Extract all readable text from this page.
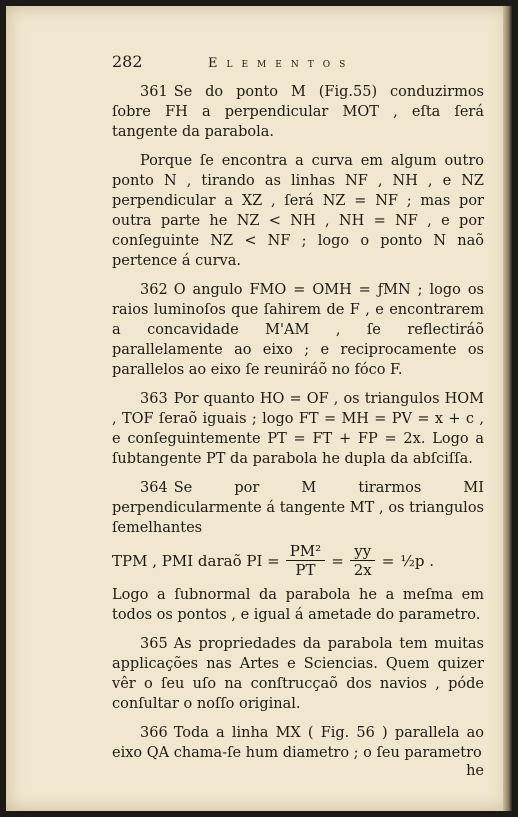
282	Elementos

361 Se do ponto M (Fig.55) conduzirmos ſobre FH a perpendicular MOT , eſta ſerá tangente da parabola.

Porque ſe encontra a curva em algum outro ponto N , tirando as linhas NF , NH , e NZ perpendicular a XZ , ſerá NZ = NF ; mas por outra parte he NZ < NH , NH = NF , e por conſeguinte NZ < NF ; logo o ponto N naõ pertence á curva.

362 O angulo FMO = OMH = ƒMN ; logo os raios luminoſos que ſahirem de F , e encontrarem a concavidade M'AM , ſe reflectiráõ parallelamente ao eixo ; e reciprocamente os parallelos ao eixo ſe reuniráõ no fóco F.

363 Por quanto HO = OF , os triangulos HOM , TOF ſeraõ iguais ; logo FT = MH = PV = x + c , e conſeguintemente PT = FT + FP = 2x. Logo a ſubtangente PT da parabola he dupla da abſciſſa.

364 Se por M tirarmos MI perpendicularmente á tangente MT , os triangulos ſemelhantes

TPM , PMI daraõ PI = $\frac{\text{PM²}}{PT} = \frac{yy}{2x}$ = ½p .

Logo a ſubnormal da parabola he a meſma em todos os pontos , e igual á ametade do parametro.

365 As propriedades da parabola tem muitas applicações nas Artes e Sciencias. Quem quizer vêr o ſeu uſo na conſtrucçaõ dos navios , póde conſultar o noſſo original.

366 Toda a linha MX ( Fig. 56 ) parallela ao eixo QA chama-ſe hum diametro ; o ſeu parametro

he
